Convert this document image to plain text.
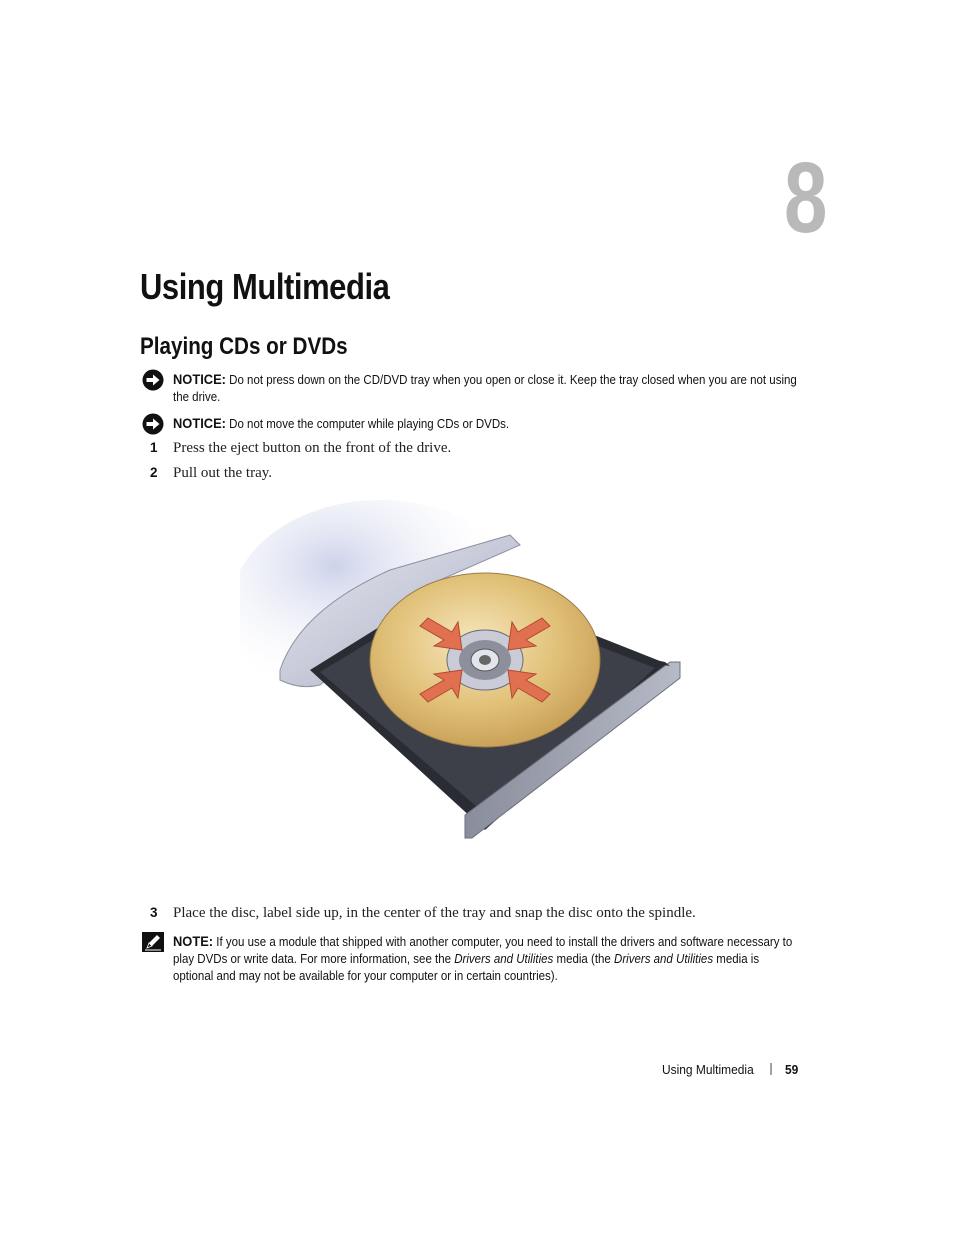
8
Using Multimedia
Playing CDs or DVDs
NOTICE: Do not press down on the CD/DVD tray when you open or close it. Keep the tray closed when you are not using the drive.
NOTICE: Do not move the computer while playing CDs or DVDs.
1 Press the eject button on the front of the drive.
2 Pull out the tray.
3 Place the disc, label side up, in the center of the tray and snap the disc onto the spindle.
NOTE: If you use a module that shipped with another computer, you need to install the drivers and software necessary to play DVDs or write data. For more information, see the Drivers and Utilities media (the Drivers and Utilities media is optional and may not be available for your computer or in certain countries).
Using Multimedia 59
